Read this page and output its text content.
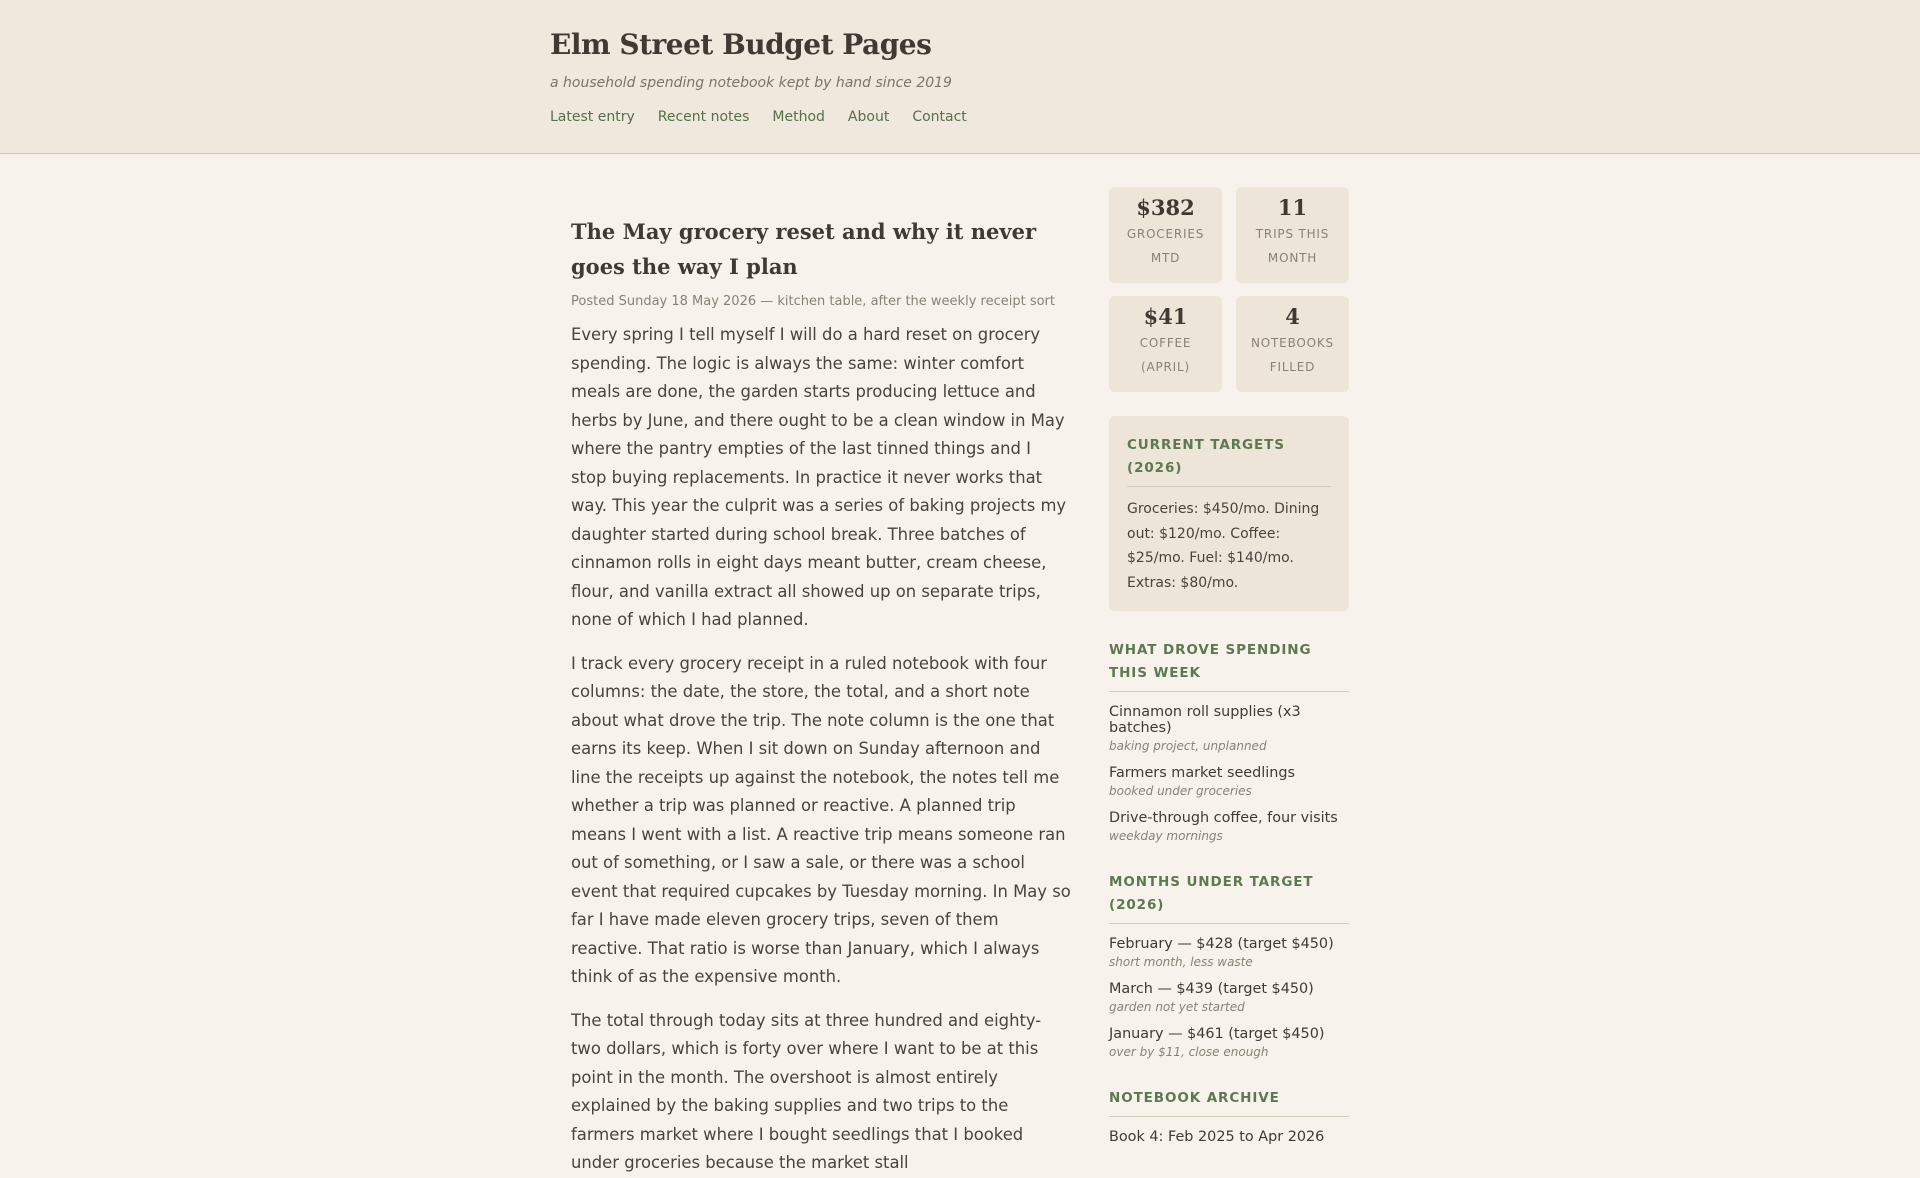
Elm Street Budget Pages
a household spending notebook kept by hand since 2019
Latest entry Recent notes Method About Contact
The May grocery reset and why it never goes the way I plan
Posted Sunday 18 May 2026 — kitchen table, after the weekly receipt sort

Every spring I tell myself I will do a hard reset on grocery spending. The logic is always the same: winter comfort meals are done, the garden starts producing lettuce and herbs by June, and there ought to be a clean window in May where the pantry empties of the last tinned things and I stop buying replacements. In practice it never works that way. This year the culprit was a series of baking projects my daughter started during school break. Three batches of cinnamon rolls in eight days meant butter, cream cheese, flour, and vanilla extract all showed up on separate trips, none of which I had planned.

I track every grocery receipt in a ruled notebook with four columns: the date, the store, the total, and a short note about what drove the trip. The note column is the one that earns its keep. When I sit down on Sunday afternoon and line the receipts up against the notebook, the notes tell me whether a trip was planned or reactive. A planned trip means I went with a list. A reactive trip means someone ran out of something, or I saw a sale, or there was a school event that required cupcakes by Tuesday morning. In May so far I have made eleven grocery trips, seven of them reactive. That ratio is worse than January, which I always think of as the expensive month.

The total through today sits at three hundred and eighty-two dollars, which is forty over where I want to be at this point in the month. The overshoot is almost entirely explained by the baking supplies and two trips to the farmers market where I bought seedlings that I booked under groceries because the market stall

$382
GROCERIES MTD
11
TRIPS THIS MONTH
$41
COFFEE (APRIL)
4
NOTEBOOKS FILLED
CURRENT TARGETS (2026)
Groceries: $450/mo. Dining out: $120/mo. Coffee: $25/mo. Fuel: $140/mo. Extras: $80/mo.
WHAT DROVE SPENDING THIS WEEK
Cinnamon roll supplies (x3 batches)
baking project, unplanned
Farmers market seedlings
booked under groceries
Drive-through coffee, four visits
weekday mornings
MONTHS UNDER TARGET (2026)
February — $428 (target $450)
short month, less waste
March — $439 (target $450)
garden not yet started
January — $461 (target $450)
over by $11, close enough
NOTEBOOK ARCHIVE
Book 4: Feb 2025 to Apr 2026
